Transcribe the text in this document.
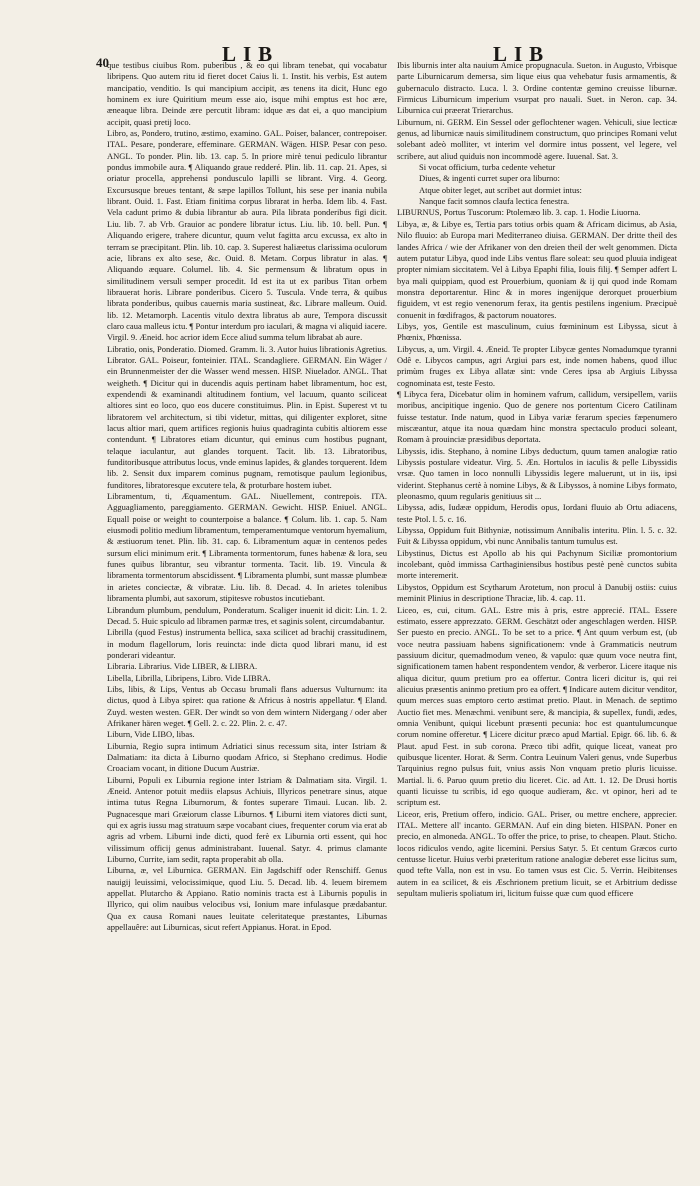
40	LIB	LIB

que testibus ciuibus Rom. puberibus , & eo qui libram tenebat, qui vocabatur libripens. Quo autem ritu id fieret docet Caius li. 1. Instit. his verbis, Est autem mancipatio, venditio. Is qui mancipium accipit, æs tenens ita dicit, Hunc ego hominem ex iure Quiritium meum esse aio, isque mihi emptus est hoc ære, æneaque libra. Deinde ære percutit libram: idque æs dat ei, a quo mancipium accipit, quasi pretij loco.

Libro, as, Pondero, trutino, æstimo, examino. GAL. Poiser, balancer, contrepoiser. ITAL. Pesare, ponderare, effeminare. GERMAN. Wägen. HISP. Pesar con peso. ANGL. To ponder. Plin. lib. 13. cap. 5. In priore mirè tenui pediculo librantur pondus immobile aura. ¶ Aliquando graue redderé. Plin. lib. 11. cap. 21. Apes, si oriatur procella, apprehensi pondusculo lapilli se librant. Virg. 4. Georg. Excursusque breues tentant, & sæpe lapillos Tollunt, his sese per inania nubila librant. Ouid. 1. Fast. Etiam finitima corpus librarat in herba. Idem lib. 4. Fast. Vela cadunt primo & dubia librantur ab aura. Pila librata ponderibus figi dicit. Liu. lib. 7. ab Vrb. Grauior ac pondere libratur ictus. Liu. lib. 10. bell. Pun. ¶ Aliquando erigere, trahere dicuntur, quum velut fagitta arcu excussa, ex alto in terram se præcipitant. Plin. lib. 10. cap. 3. Superest haliæetus clarissima oculorum acie, librans ex alto sese, &c. Ouid. 8. Metam. Corpus libratur in alas. ¶ Aliquando æquare. Columel. lib. 4. Sic permensum & libratum opus in similitudinem versuli semper procedit. Id est ita ut ex paribus Titan orbem librauerat horis. Librare ponderibus. Cicero 5. Tuscula. Vnde terra, & quibus librata ponderibus, quibus cauernis maria sustineat, &c. Librare malleum. Ouid. lib. 12. Metamorph. Lacentis vitulo dextra libratus ab aure, Tempora discussit claro caua malleus ictu. ¶ Pontur interdum pro iaculari, & magna vi aliquid iacere. Virgil. 9. Æneid. hoc acrior idem Ecce aliud summa telum librabat ab aure.

Libratio, onis, Ponderatio. Diomed. Gramm. li. 3. Autor huius librationis Agretius.

Librator. GAL. Poiseur, fonteinier. ITAL. Scandagliere. GERMAN. Ein Wäger / ein Brunnenmeister der die Wasser wend messen. HISP. Niuelador. ANGL. That weigheth. ¶ Dicitur qui in ducendis aquis pertinam habet libramentum, hoc est, expendendi & examinandi altitudinem fontium, vel lacuum, quanto sciliceat altiores sint eo loco, quo eos ducere constituimus. Plin. in Epist. Superest vt tu libratorem vel architectum, si tibi videtur, mittas, qui diligenter exploret, sitne lacus altior mari, quem artifices regionis huius quadraginta cubitis altiorem esse contendunt. ¶ Libratores etiam dicuntur, qui eminus cum hostibus pugnant, telaque iaculantur, aut glandes torquent. Tacit. lib. 13. Libratoribus, funditoribusque attributus locus, vnde eminus lapides, & glandes torquerent. Idem lib. 2. Sensit dux imparem cominus pugnam, remotisque paulum legionibus, funditores, libratoresque excutere tela, & proturbare hostem iubet.

Libramentum, ti, Æquamentum. GAL. Niuellement, contrepois. ITA. Agguagliamento, pareggiamento. GERMAN. Gewicht. HISP. Eniuel. ANGL. Equall poise or weight to counterpoise a balance. ¶ Colum. lib. 1. cap. 5. Nam eiusmodi politio medium libramentum, temperamentumque ventorum hyemalium, & æstiuorum tenet. Plin. lib. 31. cap. 6. Libramentum aquæ in centenos pedes sursum elici minimum erit. ¶ Libramenta tormentorum, funes habenæ & lora, seu funes quibus librantur, seu vibrantur tormenta. Tacit. lib. 19. Vincula & libramenta tormentorum abscidissent. ¶ Libramenta plumbi, sunt massæ plumbeæ in arietes conciectæ, & vibratæ. Liu. lib. 8. Decad. 4. In arietes tolenibus libramenta plumbi, aut saxorum, stipitesve robustos incutiebant.

Librandum plumbum, pendulum, Ponderatum. Scaliger inuenit id dicit: Lin. 1. 2. Decad. 5. Huic spiculo ad libramen parmæ tres, et saginis solent, circumdabantur.

Librilla (quod Festus) instrumenta bellica, saxa scilicet ad brachij crassitudinem, in modum flagellorum, loris reuincta: inde dicta quod librari manu, id est ponderari videantur.

Libraria. Librarius. Vide LIBER, & LIBRA.

Libella, Librilla, Libripens, Libro. Vide LIBRA.

Libs, libis, & Lips, Ventus ab Occasu brumali flans aduersus Vulturnum: ita dictus, quod à Libya spiret: qua ratione & Africus à nostris appellatur. ¶ Eland. Zuyd. westen westen. GER. Der windt so von dem wintern Nidergang / oder aber Afrikaner hären weget. ¶ Gell. 2. c. 22. Plin. 2. c. 47.

Liburn, Vide LIBO, libas.

Liburnia, Regio supra intimum Adriatici sinus recessum sita, inter Istriam & Dalmatiam: ita dicta à Liburno quodam Africo, si Stephano credimus. Hodie Croaciam vocant, in ditione Ducum Austriæ.

Liburni, Populi ex Liburnia regione inter Istriam & Dalmatiam sita. Virgil. 1. Æneid. Antenor potuit mediis elapsus Achiuis, Illyricos penetrare sinus, atque intima tutus Regna Liburnorum, & fontes superare Timaui. Lucan. lib. 2. Pugnacesque mari Græiorum classe Liburnos. ¶ Liburni item viatores dicti sunt, qui ex agris iussu mag stratuum sæpe vocabant ciues, frequenter corum via erat ab agris ad vrbem. Liburni inde dicti, quod ferè ex Liburnia orti essent, qui hoc vilissimum officij genus administrabant. Iuuenal. Satyr. 4. primus clamante Liburno, Currite, iam sedit, rapta properabit ab olla.

Liburna, æ, vel Liburnica. GERMAN. Ein Jagdschiff oder Renschiff. Genus nauigij leuissimi, velocissimique, quod Liu. 5. Decad. lib. 4. leuem biremem appellat. Plutarcho & Appiano. Ratio nominis tracta est à Liburnis populis in Illyrico, qui olim nauibus velocibus vsi, Ionium mare infulasque prædabantur. Qua ex causa Romani naues leuitate celeritateque præstantes, Liburnas appellauêre: aut Liburnicas, sicut refert Appianus. Horat. in Epod.

Ibis liburnis inter alta nauium Amice propugnacula. Sueton. in Augusto, Vrbisque parte Liburnicarum demersa, sim lique eius qua vehebatur fusis armamentis, & gubernaculo distracto. Luca. l. 3. Ordine contentæ gemino creuisse liburnæ. Firmicus Liburnicum imperium vsurpat pro nauali. Suet. in Neron. cap. 34. Liburnica cui præerat Trierarchus.

Liburnum, ni. GERM. Ein Sessel oder geflochtener wagen. Vehiculi, siue lecticæ genus, ad liburnicæ nauis similitudinem constructum, quo principes Romani velut solebant adeò molliter, vt interim vel dormire intus possent, vel legere, vel scribere, aut aliud quiduis non incommodè agere. Iuuenal. Sat. 3.

Si vocat officium, turba cedente vehetur

Diues, & ingenti curret super ora liburno:

Atque obiter leget, aut scribet aut dormiet intus:

Nanque facit somnos claufa lectica fenestra.

LIBURNUS, Portus Tuscorum: Ptolemæo lib. 3. cap. 1. Hodie Liuorna.

Libya, æ, & Libye es, Tertia pars totius orbis quam & Africam dicimus, ab Asia, Nilo fluuio: ab Europa mari Mediterraneo diuisa. GERMAN. Der dritte theil des landes Africa / wie der Afrikaner von den dreien theil der welt genommen. Dicta autem putatur Libya, quod inde Libs ventus flare soleat: seu quod pluuia indigeat propter nimiam siccitatem. Vel à Libya Epaphi filia, Iouis filij. ¶ Semper adfert L bya mali quippiam, quod est Prouerbium, quoniam & ij qui quod inde Romam monstra deportarentur. Hinc & in mores ingenijque derorquet prouerbium figuidem, vt est regio venenorum ferax, ita gentis pestilens ingenium. Præcipuè conuenit in fœdifragos, & pactorum nouatores.

Libys, yos, Gentile est masculinum, cuius fœmininum est Libyssa, sicut à Phœnix, Phœnissa.

Libycus, a, um. Virgil. 4. Æneid. Te propter Libycæ gentes Nomadumque tyranni Odê e. Libycos campus, agri Argiui pars est, inde nomen habens, quod illuc primùm fruges ex Libya allatæ sint: vnde Ceres ipsa ab Argiuis Libyssa cognominata est, teste Festo.

¶ Libyca fera, Dicebatur olim in hominem vafrum, callidum, versipellem, variis moribus, ancipitique ingenio. Quo de genere nos portentum Cicero Catilinam fuisse testatur. Inde natum, quod in Libya variæ ferarum species fæpenumero miscæantur, atque ita noua quædam hinc monstra spectaculo produci soleant, Romam à prouinciæ præsidibus deportata.

Libyssis, idis. Stephano, à nomine Libys deductum, quum tamen analogiæ ratio Libyssis postulare videatur. Virg. 5. Æn. Hortulos in iaculis & pelle Libyssidis vrsæ. Quo tamen in loco nonnulli Libyssidis legere maluerunt, ut in iis, ipsi viderint. Stephanus certè à nomine Libys, & & Libyssos, à nomine Libys formato, pleonasmo, quum regularis genitiuus sit ...

Libyssa, adis, Iudææ oppidum, Herodis opus, Iordani fluuio ab Ortu adiacens, teste Ptol. l. 5. c. 16.

Libyssa, Oppidum fuit Bithyniæ, notissimum Annibalis interitu. Plin. l. 5. c. 32. Fuit & Libyssa oppidum, vbi nunc Annibalis tantum tumulus est.

Libystinus, Dictus est Apollo ab his qui Pachynum Siciliæ promontorium incolebant, quòd immissa Carthaginiensibus hostibus pestè penè cunctos subita morte interemerit.

Libystos, Oppidum est Scytharum Arotetum, non procul à Danubij ostiis: cuius meminit Plinius in descriptione Thraciæ, lib. 4. cap. 11.

Liceo, es, cui, citum. GAL. Estre mis à pris, estre apprecié. ITAL. Essere estimato, essere apprezzato. GERM. Geschätzt oder angeschlagen werden. HISP. Ser puesto en precio. ANGL. To be set to a price. ¶ Ant quum verbum est, (ub voce neutra passiuam habens significationem: vnde à Grammaticis neutrum passiuum dicitur, quemadmodum veneo, & vapulo: quæ quum voce neutra fint, significationem tamen habent respondentem vendor, & verberor. Licere itaque nis aliqua dicitur, quum pretium pro ea offertur. Contra liceri dicitur is, qui rei alicuius præsentis aninmo pretium pro ea offert. ¶ Indicare autem dicitur venditor, quum merces suas emptoro certo æstimat pretio. Plaut. in Menach. de septimo Auctio fiet mes. Menæchmi. venibunt sere, & mancipia, & supellex, fundi, ædes, omnia Venibunt, quiqui licebunt præsenti pecunia: hoc est quantulumcunque corum nomine offeretur. ¶ Licere dicitur præco apud Martial. Epigr. 66. lib. 6. & Plaut. apud Fest. in sub corona. Præco tibi adfit, quique liceat, vaneat pro quibusque licenter. Horat. & Serm. Contra Leuinum Valeri genus, vnde Superbus Tarquinius regno pulsus fuit, vnius assis Non vnquam pretio pluris licuisse. Martial. li. 6. Paruo quum pretio diu liceret. Cic. ad Att. 1. 12. De Drusi hortis quanti licuisse tu scribis, id ego quoque audieram, &c. vt opinor, heri ad te scriptum est.

Liceor, eris, Pretium offero, indicio. GAL. Priser, ou mettre enchere, apprecier. ITAL. Mettere all' incanto. GERMAN. Auf ein ding bieten. HISPAN. Poner en precio, en almoneda. ANGL. To offer the price, to prise, to cheapen. Plaut. Sticho. locos ridiculos vendo, agite licemini. Persius Satyr. 5. Et centum Græcos curto centusse licetur. Huius verbi præteritum ratione analogiæ deberet esse licitus sum, quod tefte Valla, non est in vsu. Eo tamen vsus est Cic. 5. Verrin. Heibitenses autem in ea scilicet, & eis Æschrionem pretium licuit, se et Arbitrium dedisse sepultam mulieris spoliatum iri, licitum fuisse quæ cum quod efficere
